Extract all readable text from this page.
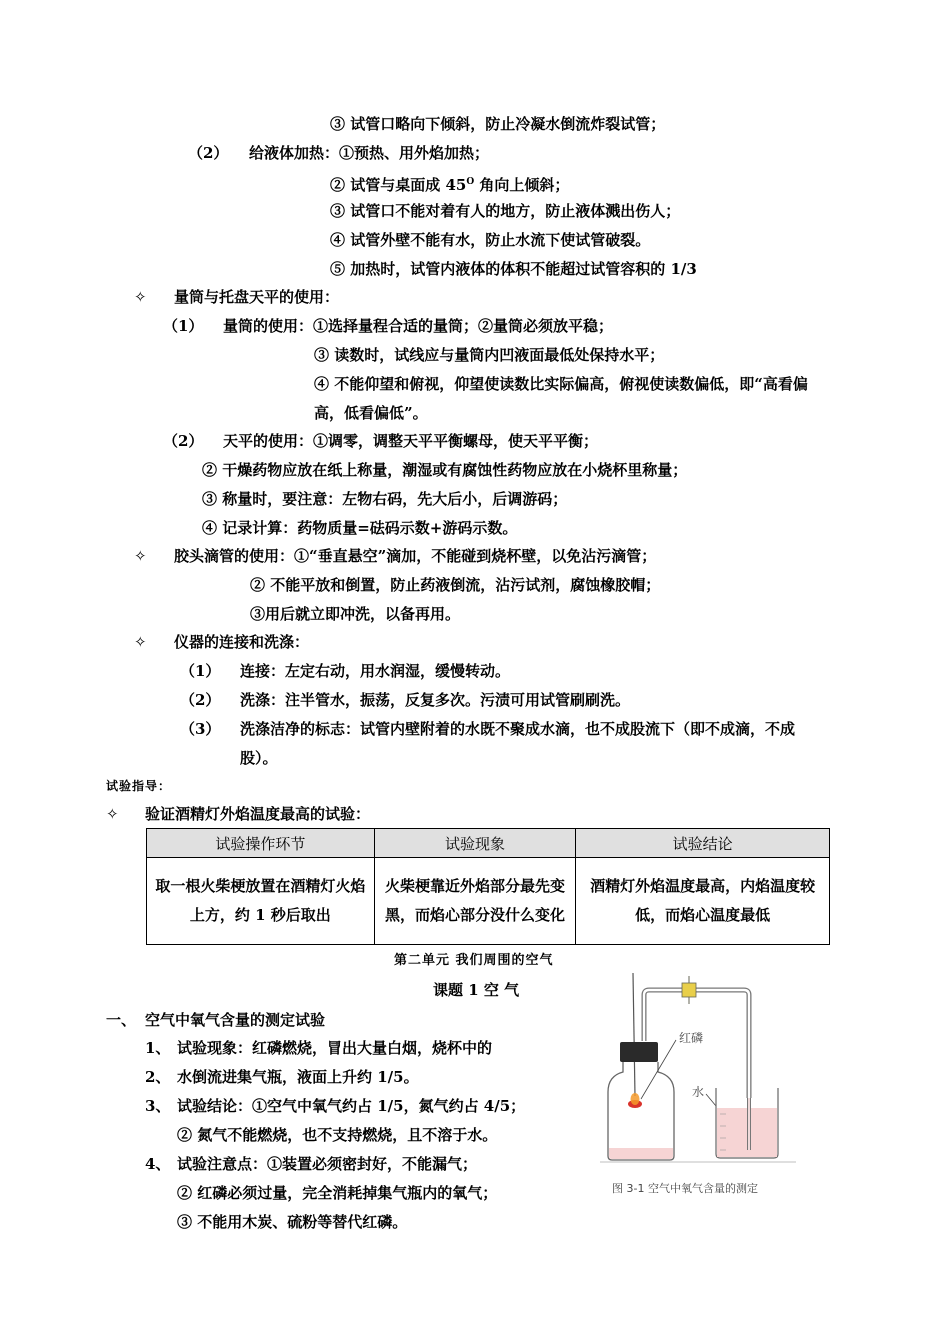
③ 试管口略向下倾斜，防止冷凝水倒流炸裂试管；
（2） 给液体加热：①预热、用外焰加热；
② 试管与桌面成 $45^O$ 角向上倾斜；
③ 试管口不能对着有人的地方，防止液体溅出伤人；
④ 试管外壁不能有水，防止水流下使试管破裂。
⑤ 加热时，试管内液体的体积不能超过试管容积的 1/3
✧ 量筒与托盘天平的使用：
（1） 量筒的使用：①选择量程合适的量筒；②量筒必须放平稳；
③ 读数时，试线应与量筒内凹液面最低处保持水平；
④ 不能仰望和俯视，仰望使读数比实际偏高，俯视使读数偏低，即“高看偏
高，低看偏低”。
（2） 天平的使用：①调零，调整天平平衡螺母，使天平平衡；
② 干燥药物应放在纸上称量，潮湿或有腐蚀性药物应放在小烧杯里称量；
③ 称量时，要注意：左物右码，先大后小，后调游码；
④ 记录计算：药物质量=砝码示数+游码示数。
✧ 胶头滴管的使用：①“垂直悬空”滴加，不能碰到烧杯壁，以免沾污滴管；
② 不能平放和倒置，防止药液倒流，沾污试剂，腐蚀橡胶帽；
③用后就立即冲洗，以备再用。
✧ 仪器的连接和洗涤：
（1） 连接：左定右动，用水润湿，缓慢转动。
（2） 洗涤：注半管水，振荡，反复多次。污渍可用试管刷刷洗。
（3） 洗涤洁净的标志：试管内壁附着的水既不聚成水滴，也不成股流下（即不成滴，不成
股）。
试验指导：
✧ 验证酒精灯外焰温度最高的试验：
试验操作环节	试验现象	试验结论
取一根火柴梗放置在酒精灯火焰上方，约 1 秒后取出	火柴梗靠近外焰部分最先变黑，而焰心部分没什么变化	酒精灯外焰温度最高，内焰温度较低，而焰心温度最低
第二单元 我们周围的空气
课题 1 空 气
一、 空气中氧气含量的测定试验
1、 试验现象：红磷燃烧，冒出大量白烟，烧杯中的
2、 水倒流进集气瓶，液面上升约 1/5。
3、 试验结论：①空气中氧气约占 1/5，氮气约占 4/5；
② 氮气不能燃烧，也不支持燃烧，且不溶于水。
4、 试验注意点：①装置必须密封好，不能漏气；
② 红磷必须过量，完全消耗掉集气瓶内的氧气；
③ 不能用木炭、硫粉等替代红磷。
红磷
水
图 3-1 空气中氧气含量的测定
